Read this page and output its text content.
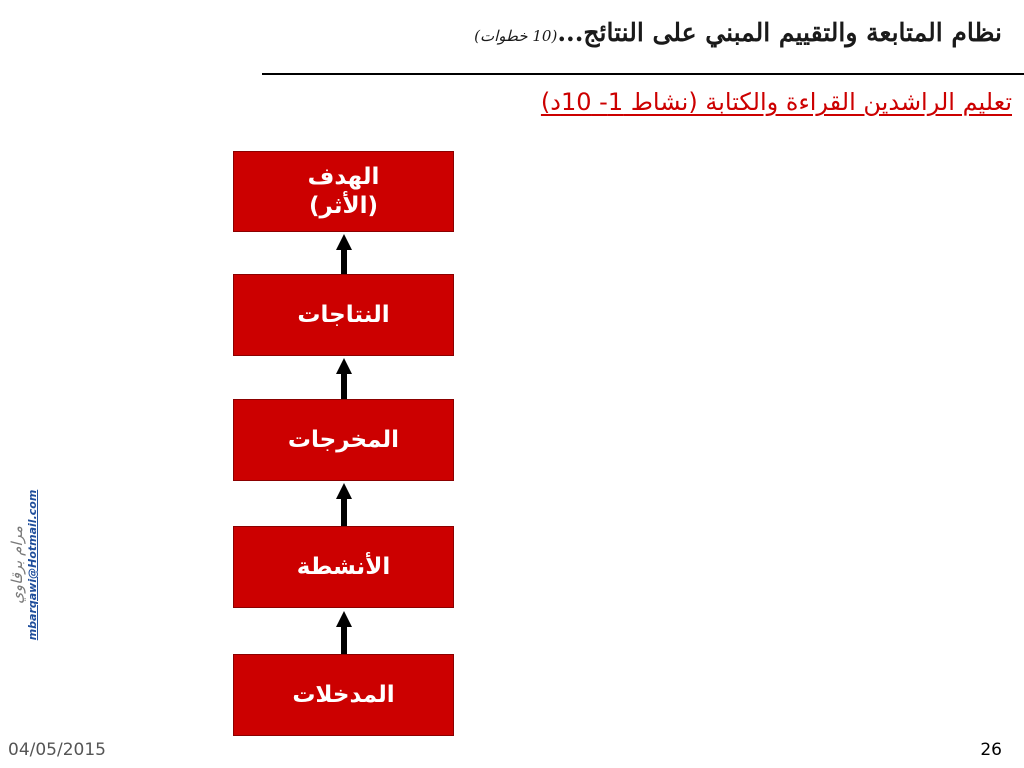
نظام المتابعة والتقييم المبني على النتائج...(10 خطوات)
تعليم الراشدين القراءة والكتابة (نشاط 1- 10د)
الهدف
(الأثر)
النتاجات
المخرجات
الأنشطة
المدخلات
مرام برقاوي mbarqawi@Hotmail.com
04/05/2015	26
